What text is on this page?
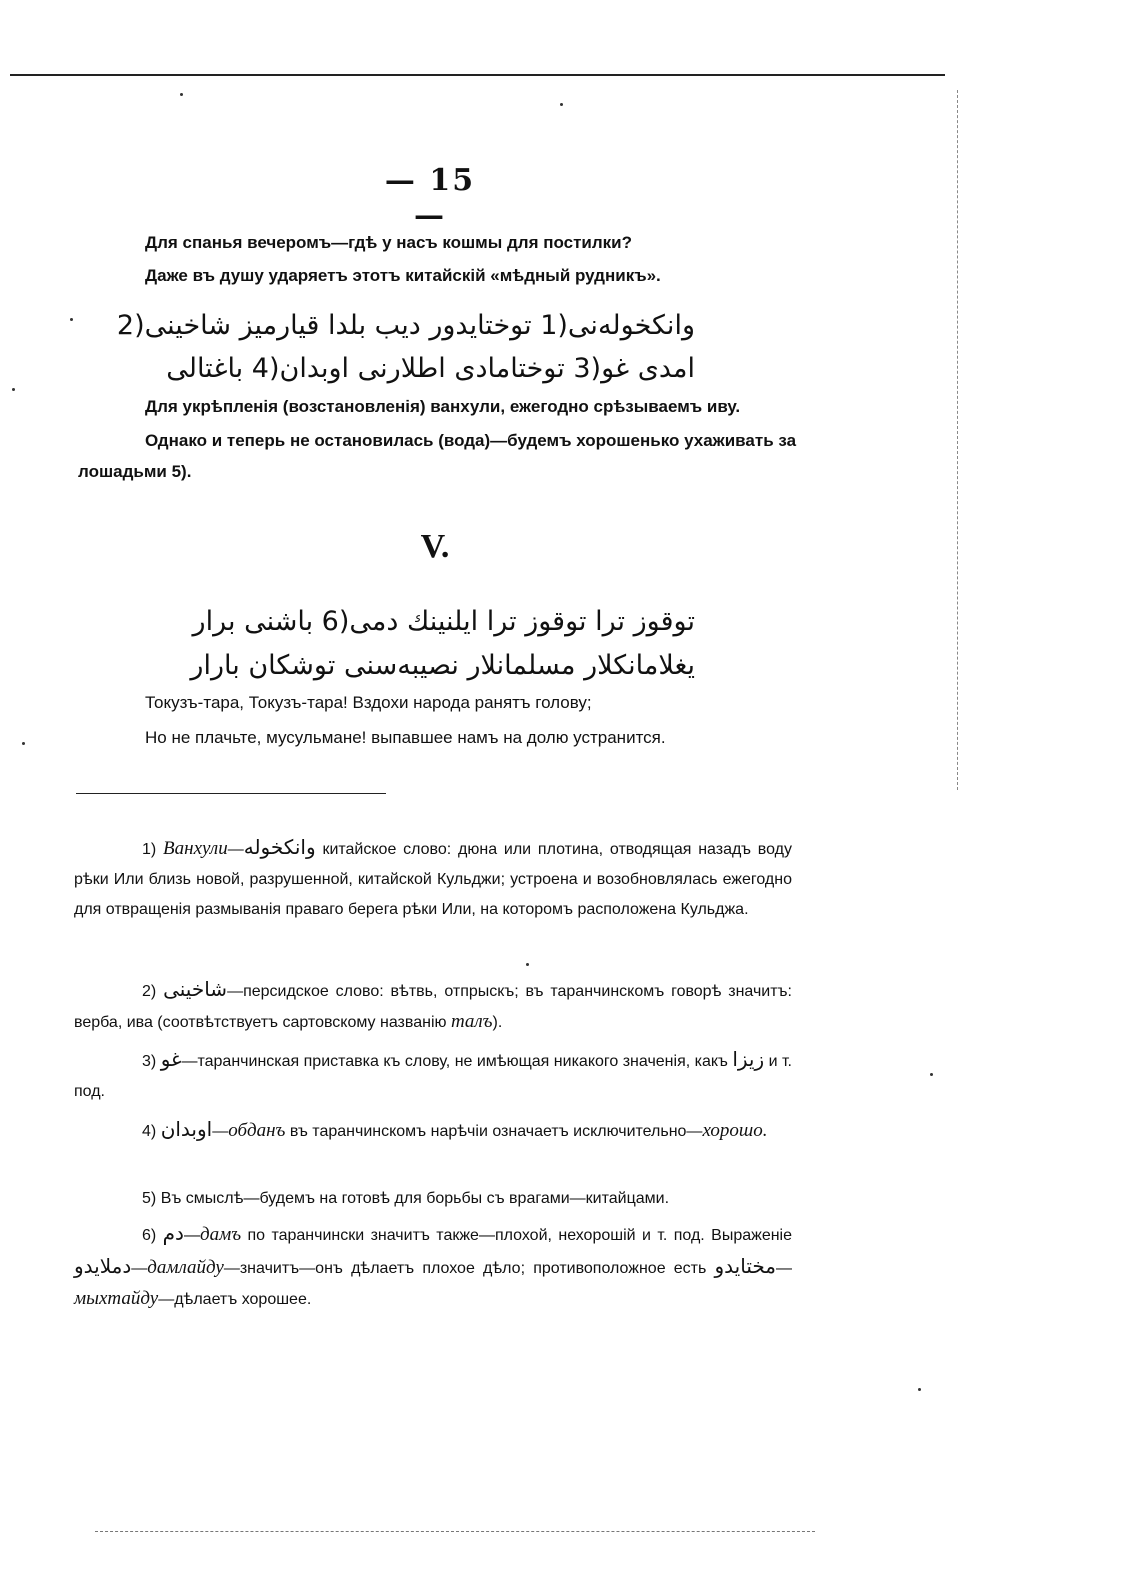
— 15 —
Для спанья вечеромъ—гдѣ у насъ кошмы для постилки?
Даже въ душу ударяетъ этотъ китайскій «мѣдный рудникъ».
وانکخولەنی(1 توختایدور دیب بلدا قیارمیز شاخینی(2
امدی غو(3 توختامادی اطلارنی اوبدان(4 باغتالی
Для укрѣпленія (возстановленія) ванхули, ежегодно срѣзываемъ иву.
Однако и теперь не остановилась (вода)—будемъ хорошенько ухаживать за
лошадьми 5).
V.
توقوز ترا توقوز ترا ایلنینك دمی(6 باشنی برار
یغلامانکلار مسلمانلار نصیبەسنی توشکان بارار
Токузъ-тара, Токузъ-тара! Вздохи народа ранятъ голову;
Но не плачьте, мусульмане! выпавшее намъ на долю устранится.
1) Ванхули—وانکخوله китайское слово: дюна или плотина, отводящая назадъ воду рѣки Или близь новой, разрушенной, китайской Кульджи; устроена и возобновлялась ежегодно для отвращенія размыванія праваго берега рѣки Или, на которомъ расположена Кульджа.
2) شاخینی—персидское слово: вѣтвь, отпрыскъ; въ таранчинскомъ говорѣ значитъ: верба, ива (соотвѣтствуетъ сартовскому названію талъ).
3) غو—таранчинская приставка къ слову, не имѣющая никакого значенія, какъ زیزا и т. под.
4) اوبدان—обданъ въ таранчинскомъ нарѣчіи означаетъ исключительно—хорошо.
5) Въ смыслѣ—будемъ на готовѣ для борьбы съ врагами—китайцами.
6) دم—дамъ по таранчински значитъ также—плохой, нехорошій и т. под. Выраженіе دملایدو—дамлайду—значитъ—онъ дѣлаетъ плохое дѣло; противоположное есть مختایدو—мыхтайду—дѣлаетъ хорошее.
